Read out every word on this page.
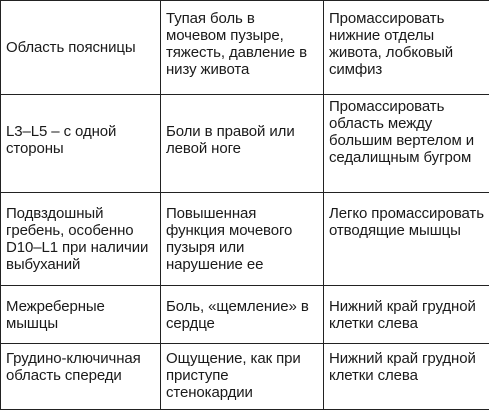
Область поясницы	Тупая боль в мочевом пузыре, тяжесть, давление в низу живота	Промассировать нижние отделы живота, лобковый симфиз
L3–L5 – с одной стороны	Боли в правой или левой ноге	Промассировать область между большим вертелом и седалищным бугром
Подвздошный гребень, особенно D10–L1 при наличии выбуханий	Повышенная функция мочевого пузыря или нарушение ее	Легко промассировать отводящие мышцы
Межреберные мышцы	Боль, «щемление» в сердце	Нижний край грудной клетки слева
Грудино-ключичная область спереди	Ощущение, как при приступе стенокардии	Нижний край грудной клетки слева
